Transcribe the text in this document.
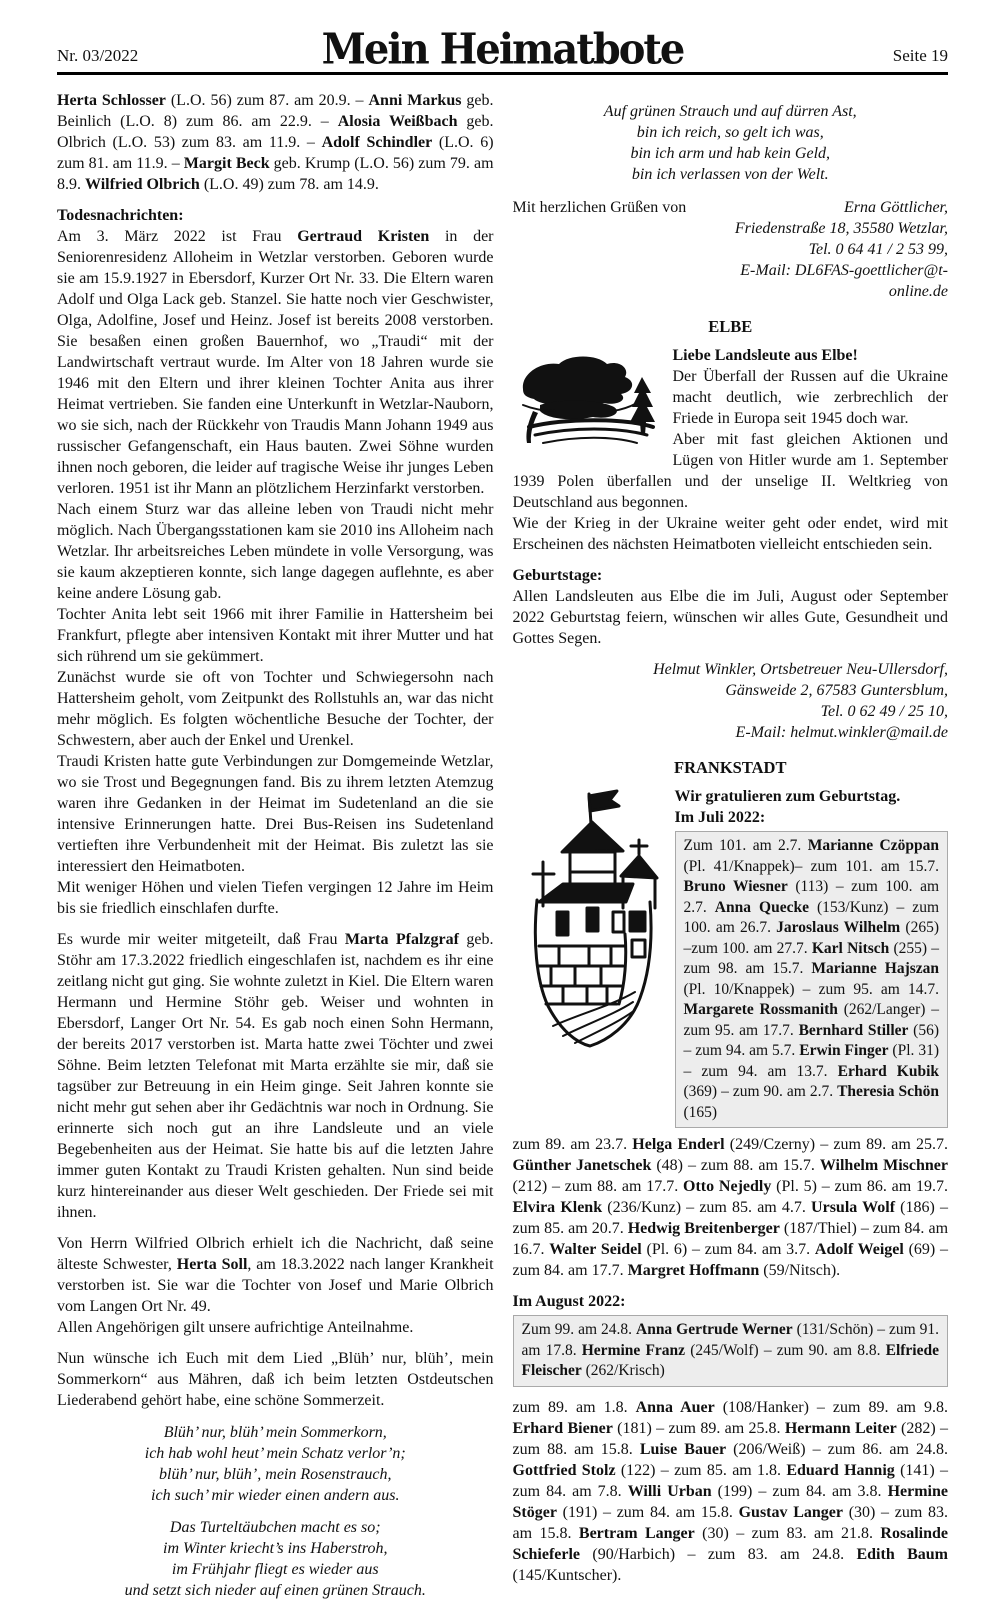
Nr. 03/2022	Mein Heimatbote	Seite 19
Herta Schlosser (L.O. 56) zum 87. am 20.9. – Anni Markus geb. Beinlich (L.O. 8) zum 86. am 22.9. – Alosia Weißbach geb. Olbrich (L.O. 53) zum 83. am 11.9. – Adolf Schindler (L.O. 6) zum 81. am 11.9. – Margit Beck geb. Krump (L.O. 56) zum 79. am 8.9. Wilfried Olbrich (L.O. 49) zum 78. am 14.9.
Todesnachrichten:
Am 3. März 2022 ist Frau Gertraud Kristen in der Seniorenresidenz Alloheim in Wetzlar verstorben. Geboren wurde sie am 15.9.1927 in Ebersdorf, Kurzer Ort Nr. 33. Die Eltern waren Adolf und Olga Lack geb. Stanzel. Sie hatte noch vier Geschwister, Olga, Adolfine, Josef und Heinz. Josef ist bereits 2008 verstorben. Sie besaßen einen großen Bauernhof, wo „Traudi“ mit der Landwirtschaft vertraut wurde. Im Alter von 18 Jahren wurde sie 1946 mit den Eltern und ihrer kleinen Tochter Anita aus ihrer Heimat vertrieben. Sie fanden eine Unterkunft in Wetzlar-Nauborn, wo sie sich, nach der Rückkehr von Traudis Mann Johann 1949 aus russischer Gefangenschaft, ein Haus bauten. Zwei Söhne wurden ihnen noch geboren, die leider auf tragische Weise ihr junges Leben verloren. 1951 ist ihr Mann an plötzlichem Herzinfarkt verstorben.
Nach einem Sturz war das alleine leben von Traudi nicht mehr möglich. Nach Übergangsstationen kam sie 2010 ins Alloheim nach Wetzlar. Ihr arbeitsreiches Leben mündete in volle Versorgung, was sie kaum akzeptieren konnte, sich lange dagegen auflehnte, es aber keine andere Lösung gab.
Tochter Anita lebt seit 1966 mit ihrer Familie in Hattersheim bei Frankfurt, pflegte aber intensiven Kontakt mit ihrer Mutter und hat sich rührend um sie gekümmert.
Zunächst wurde sie oft von Tochter und Schwiegersohn nach Hattersheim geholt, vom Zeitpunkt des Rollstuhls an, war das nicht mehr möglich. Es folgten wöchentliche Besuche der Tochter, der Schwestern, aber auch der Enkel und Urenkel.
Traudi Kristen hatte gute Verbindungen zur Domgemeinde Wetzlar, wo sie Trost und Begegnungen fand. Bis zu ihrem letzten Atemzug waren ihre Gedanken in der Heimat im Sudetenland an die sie intensive Erinnerungen hatte. Drei Bus-Reisen ins Sudetenland vertieften ihre Verbundenheit mit der Heimat. Bis zuletzt las sie interessiert den Heimatboten.
Mit weniger Höhen und vielen Tiefen vergingen 12 Jahre im Heim bis sie friedlich einschlafen durfte.
Es wurde mir weiter mitgeteilt, daß Frau Marta Pfalzgraf geb. Stöhr am 17.3.2022 friedlich eingeschlafen ist, nachdem es ihr eine zeitlang nicht gut ging. Sie wohnte zuletzt in Kiel. Die Eltern waren Hermann und Hermine Stöhr geb. Weiser und wohnten in Ebersdorf, Langer Ort Nr. 54. Es gab noch einen Sohn Hermann, der bereits 2017 verstorben ist. Marta hatte zwei Töchter und zwei Söhne. Beim letzten Telefonat mit Marta erzählte sie mir, daß sie tagsüber zur Betreuung in ein Heim ginge. Seit Jahren konnte sie nicht mehr gut sehen aber ihr Gedächtnis war noch in Ordnung. Sie erinnerte sich noch gut an ihre Landsleute und an viele Begebenheiten aus der Heimat. Sie hatte bis auf die letzten Jahre immer guten Kontakt zu Traudi Kristen gehalten. Nun sind beide kurz hintereinander aus dieser Welt geschieden. Der Friede sei mit ihnen.
Von Herrn Wilfried Olbrich erhielt ich die Nachricht, daß seine älteste Schwester, Herta Soll, am 18.3.2022 nach langer Krankheit verstorben ist. Sie war die Tochter von Josef und Marie Olbrich vom Langen Ort Nr. 49.
Allen Angehörigen gilt unsere aufrichtige Anteilnahme.
Nun wünsche ich Euch mit dem Lied „Blüh’ nur, blüh’, mein Sommerkorn“ aus Mähren, daß ich beim letzten Ostdeutschen Liederabend gehört habe, eine schöne Sommerzeit.
Blüh’ nur, blüh’ mein Sommerkorn,
ich hab wohl heut’ mein Schatz verlor’n;
blüh’ nur, blüh’, mein Rosenstrauch,
ich such’ mir wieder einen andern aus.
Das Turteltäubchen macht es so;
im Winter kriecht’s ins Haberstroh,
im Frühjahr fliegt es wieder aus
und setzt sich nieder auf einen grünen Strauch.
Auf grünen Strauch und auf dürren Ast,
bin ich reich, so gelt ich was,
bin ich arm und hab kein Geld,
bin ich verlassen von der Welt.
Mit herzlichen Grüßen von	Erna Göttlicher,
Friedenstraße 18, 35580 Wetzlar,
Tel. 0 64 41 / 2 53 99,
E-Mail: DL6FAS-goettlicher@t-online.de
ELBE
Liebe Landsleute aus Elbe!
Der Überfall der Russen auf die Ukraine macht deutlich, wie zerbrechlich der Friede in Europa seit 1945 doch war.
Aber mit fast gleichen Aktionen und Lügen von Hitler wurde am 1. September 1939 Polen überfallen und der unselige II. Weltkrieg von Deutschland aus begonnen.
Wie der Krieg in der Ukraine weiter geht oder endet, wird mit Erscheinen des nächsten Heimatboten vielleicht entschieden sein.
Geburtstage:
Allen Landsleuten aus Elbe die im Juli, August oder September 2022 Geburtstag feiern, wünschen wir alles Gute, Gesundheit und Gottes Segen.
Helmut Winkler, Ortsbetreuer Neu-Ullersdorf,
Gänsweide 2, 67583 Guntersblum,
Tel. 0 62 49 / 25 10,
E-Mail: helmut.winkler@mail.de
FRANKSTADT
Wir gratulieren zum Geburtstag.
Im Juli 2022:
Zum 101. am 2.7. Marianne Czöppan (Pl. 41/Knappek)– zum 101. am 15.7. Bruno Wiesner (113) – zum 100. am 2.7. Anna Quecke (153/Kunz) – zum 100. am 26.7. Jaroslaus Wilhelm (265) –zum 100. am 27.7. Karl Nitsch (255) – zum 98. am 15.7. Marianne Hajszan (Pl. 10/Knappek) – zum 95. am 14.7. Margarete Rossmanith (262/Langer) – zum 95. am 17.7. Bernhard Stiller (56) – zum 94. am 5.7. Erwin Finger (Pl. 31) – zum 94. am 13.7. Erhard Kubik (369) – zum 90. am 2.7. Theresia Schön (165)
zum 89. am 23.7. Helga Enderl (249/Czerny) – zum 89. am 25.7. Günther Janetschek (48) – zum 88. am 15.7. Wilhelm Mischner (212) – zum 88. am 17.7. Otto Nejedly (Pl. 5) – zum 86. am 19.7. Elvira Klenk (236/Kunz) – zum 85. am 4.7. Ursula Wolf (186) – zum 85. am 20.7. Hedwig Breitenberger (187/Thiel) – zum 84. am 16.7. Walter Seidel (Pl. 6) – zum 84. am 3.7. Adolf Weigel (69) – zum 84. am 17.7. Margret Hoffmann (59/Nitsch).
Im August 2022:
Zum 99. am 24.8. Anna Gertrude Werner (131/Schön) – zum 91. am 17.8. Hermine Franz (245/Wolf) – zum 90. am 8.8. Elfriede Fleischer (262/Krisch)
zum 89. am 1.8. Anna Auer (108/Hanker) – zum 89. am 9.8. Erhard Biener (181) – zum 89. am 25.8. Hermann Leiter (282) – zum 88. am 15.8. Luise Bauer (206/Weiß) – zum 86. am 24.8. Gottfried Stolz (122) – zum 85. am 1.8. Eduard Hannig (141) – zum 84. am 7.8. Willi Urban (199) – zum 84. am 3.8. Hermine Stöger (191) – zum 84. am 15.8. Gustav Langer (30) – zum 83. am 15.8. Bertram Langer (30) – zum 83. am 21.8. Rosalinde Schieferle (90/Harbich) – zum 83. am 24.8. Edith Baum (145/Kuntscher).
